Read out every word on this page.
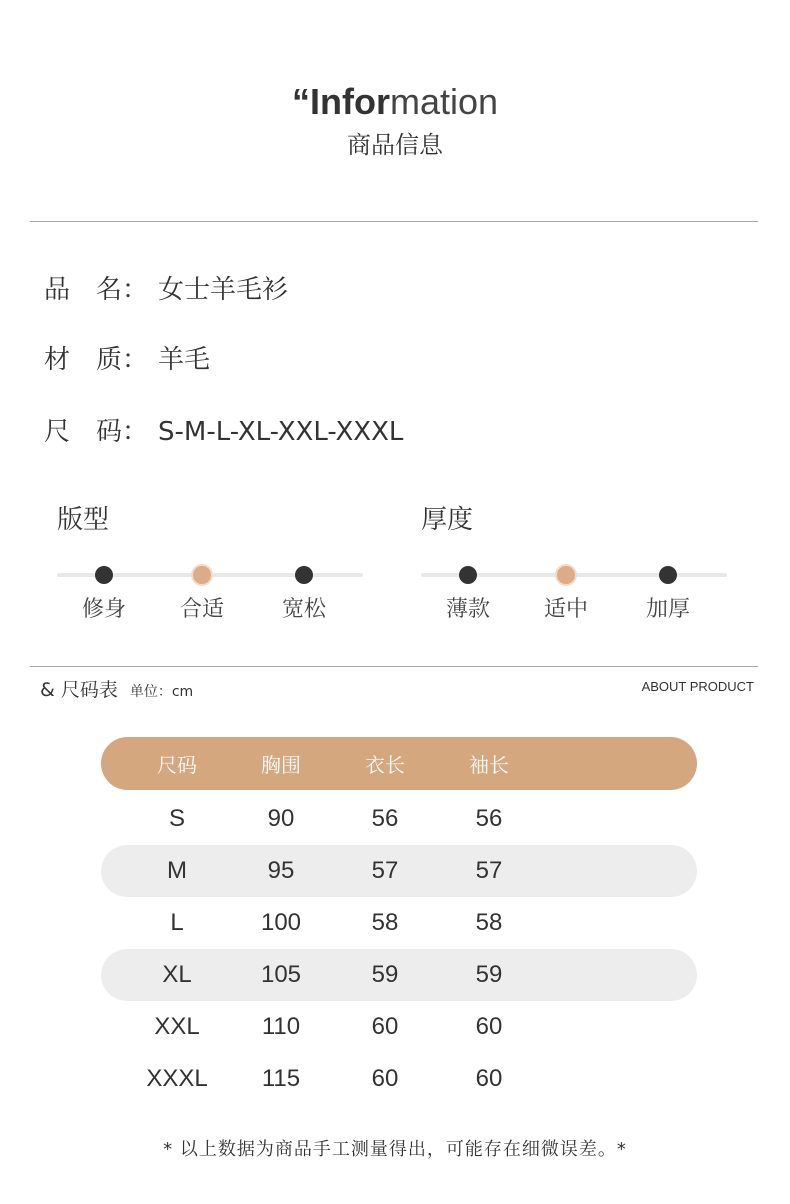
“Information
商品信息
品　名： 女士羊毛衫
材　质： 羊毛
尺　码： S-M-L-XL-XXL-XXXL
版型
修身 合适	宽松
厚度
薄款 适中	加厚
& 尺码表 单位：cm	ABOUT PRODUCT
尺码	胸围	衣长	袖长
S	90	56	56
M	95	57	57
L	100	58	58
XL	105	59	59
XXL	110	60	60
XXXL	115	60	60
* 以上数据为商品手工测量得出，可能存在细微误差。*
